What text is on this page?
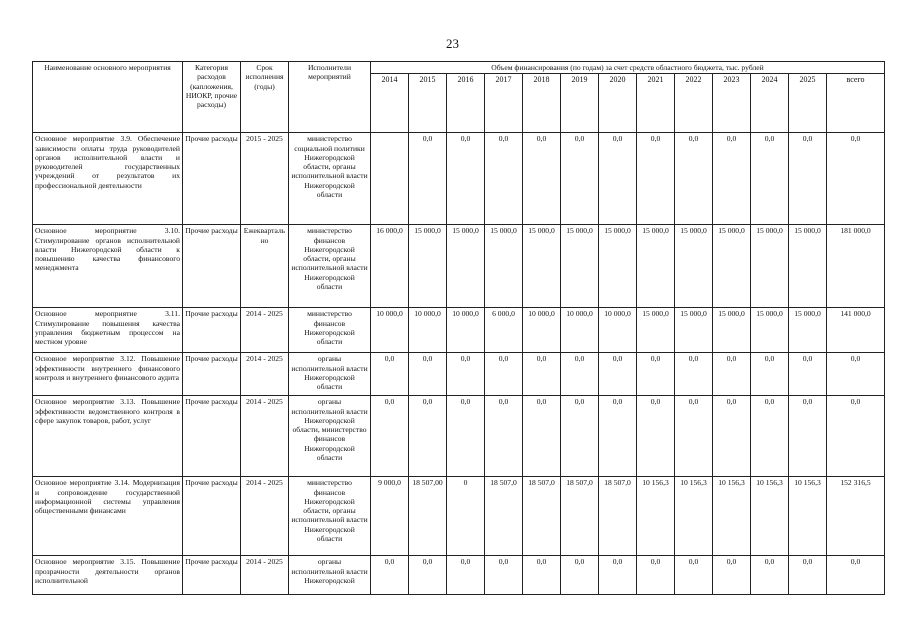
23
Наименование основного мероприятия	Категория расходов (капложения, НИОКР, прочие расходы)	Срок исполнения (годы)	Исполнители мероприятий	Объем финансирования (по годам) за счет средств областного бюджета, тыс. рублей												
				2014	2015	2016	2017	2018	2019	2020	2021	2022	2023	2024	2025	всего
Основное мероприятие 3.9. Обеспечение зависимости оплаты труда руководителей органов исполнительной власти и руководителей государственных учреждений от результатов их профессиональной деятельности	Прочие расходы	2015 - 2025	министерство социальной политики Нижегородской области, органы исполнительной власти Нижегородской области		0,0	0,0	0,0	0,0	0,0	0,0	0,0	0,0	0,0	0,0	0,0	0,0
Основное мероприятие 3.10. Стимулирование органов исполнительной власти Нижегородской области к повышению качества финансового менеджмента	Прочие расходы	Ежеквартально	министерство финансов Нижегородской области, органы исполнительной власти Нижегородской области	16 000,0	15 000,0	15 000,0	15 000,0	15 000,0	15 000,0	15 000,0	15 000,0	15 000,0	15 000,0	15 000,0	15 000,0	181 000,0
Основное мероприятие 3.11. Стимулирование повышения качества управления бюджетным процессом на местном уровне	Прочие расходы	2014 - 2025	министерство финансов Нижегородской области	10 000,0	10 000,0	10 000,0	6 000,0	10 000,0	10 000,0	10 000,0	15 000,0	15 000,0	15 000,0	15 000,0	15 000,0	141 000,0
Основное мероприятие 3.12. Повышение эффективности внутреннего финансового контроля и внутреннего финансового аудита	Прочие расходы	2014 - 2025	органы исполнительной власти Нижегородской области	0,0	0,0	0,0	0,0	0,0	0,0	0,0	0,0	0,0	0,0	0,0	0,0	0,0
Основное мероприятие 3.13. Повышение эффективности ведомственного контроля в сфере закупок товаров, работ, услуг	Прочие расходы	2014 - 2025	органы исполнительной власти Нижегородской области, министерство финансов Нижегородской области	0,0	0,0	0,0	0,0	0,0	0,0	0,0	0,0	0,0	0,0	0,0	0,0	0,0
Основное мероприятие 3.14. Модернизация и сопровождение государственной информационной системы управления общественными финансами	Прочие расходы	2014 - 2025	министерство финансов Нижегородской области, органы исполнительной власти Нижегородской области	9 000,0	18 507,00	0	18 507,0	18 507,0	18 507,0	18 507,0	10 156,3	10 156,3	10 156,3	10 156,3	10 156,3	152 316,5
Основное мероприятие 3.15. Повышение прозрачности деятельности органов исполнительной	Прочие расходы	2014 - 2025	органы исполнительной власти Нижегородской	0,0	0,0	0,0	0,0	0,0	0,0	0,0	0,0	0,0	0,0	0,0	0,0	0,0
